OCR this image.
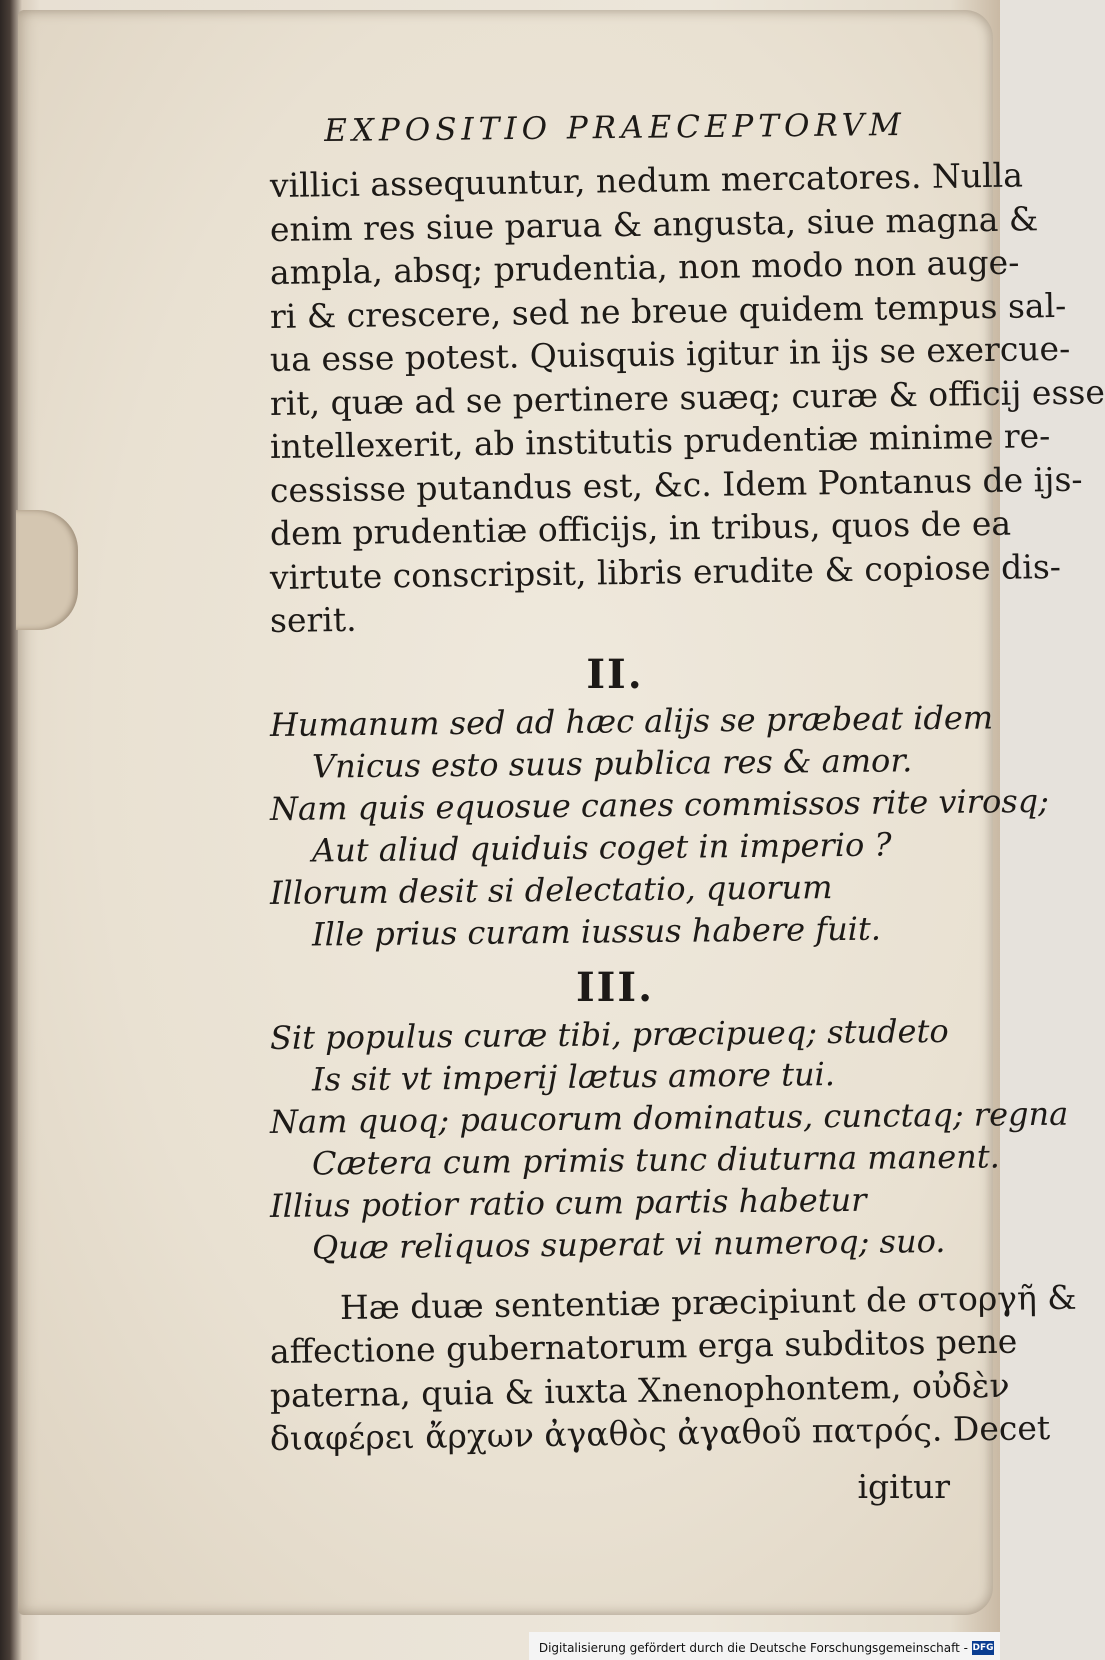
EXPOSITIO PRAECEPTORVM
villici assequuntur, nedum mercatores. Nulla
enim res siue parua & angusta, siue magna &
ampla, absq; prudentia, non modo non auge-
ri & crescere, sed ne breue quidem tempus sal-
ua esse potest. Quisquis igitur in ijs se exercue-
rit, quæ ad se pertinere suæq; curæ & officij esse
intellexerit, ab institutis prudentiæ minime re-
cessisse putandus est, &c. Idem Pontanus de ijs-
dem prudentiæ officijs, in tribus, quos de ea
virtute conscripsit, libris erudite & copiose dis-
serit.
II.
Humanum sed ad hæc alijs se præbeat idem
Vnicus esto suus publica res & amor.
Nam quis equosue canes commissos rite virosq;
Aut aliud quiduis coget in imperio ?
Illorum desit si delectatio, quorum
Ille prius curam iussus habere fuit.
III.
Sit populus curæ tibi, præcipueq; studeto
Is sit vt imperij lætus amore tui.
Nam quoq; paucorum dominatus, cunctaq; regna
Cætera cum primis tunc diuturna manent.
Illius potior ratio cum partis habetur
Quæ reliquos superat vi numeroq; suo.
Hæ duæ sententiæ præcipiunt de στοργῆ &
affectione gubernatorum erga subditos pene
paterna, quia & iuxta Xnenophontem, οὐδὲν
διαφέρει ἄρχων ἀγαθὸς ἀγαθοῦ πατρός. Decet
igitur
Digitalisierung gefördert durch die Deutsche Forschungsgemeinschaft - DFG
